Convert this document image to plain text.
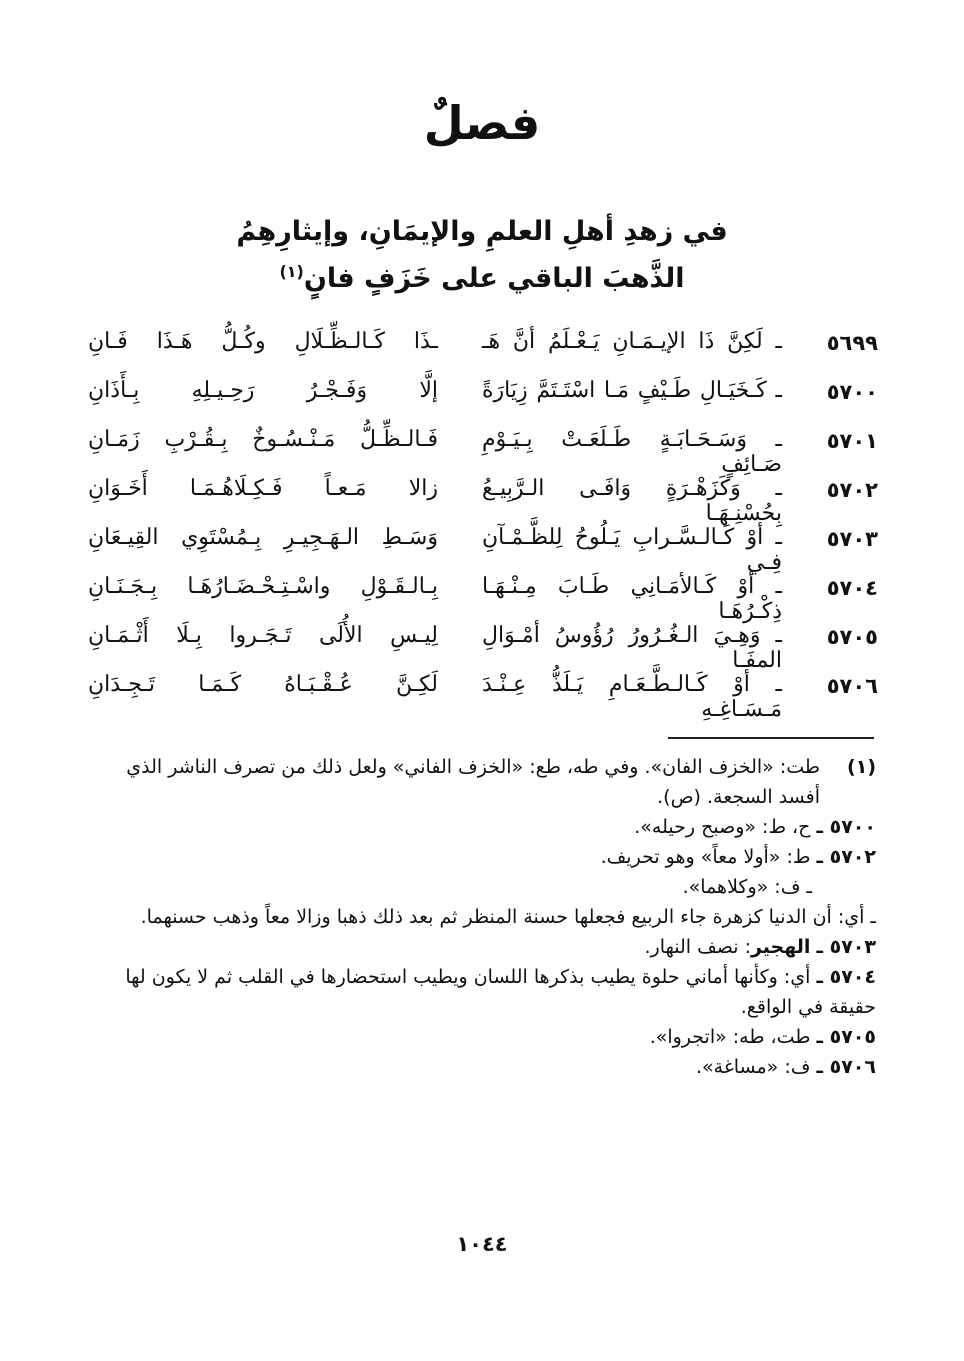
فصلٌ
في زهدِ أهلِ العلمِ والإيمَانِ، وإيثارِهِمُ
الذَّهبَ الباقي على خَزَفٍ فانٍ$^{(١)}$
٥٦٩٩
ـ لَكِنَّ ذَا الإيـمَـانِ يَـعْـلَمُ أنَّ هَـ
ـذَا كَـالـظِّـلَالِ وكُـلُّ هَـذَا فَـانِ
٥٧٠٠
ـ كَـخَيَـالِ طَـيْفٍ مَـا اسْتَـتَمَّ زِيَارَةً
إلَّا وَفَـجْـرُ رَحِـيـلِهِ بِـأَذَانِ
٥٧٠١
ـ وَسَـحَـابَـةٍ طَـلَعَـتْ بِـيَـوْمِ صَـائِفٍ
فَـالـظِّـلُّ مَـنْـسُـوخٌ بِـقُـرْبِ زَمَـانِ
٥٧٠٢
ـ وَكَزَهْـرَةٍ وَافَـى الـرَّبِيـعُ بِحُسْنِـهَـا
زالا مَـعـاً فَـكِـلَاهُـمَـا أَخَـوَانِ
٥٧٠٣
ـ أوْ كَـالـسَّـرابِ يَـلُوحُ لِلظَّـمْـآنِ فِـي
وَسَـطِ الـهَـجِيـرِ بِـمُسْتَوِي القِيـعَانِ
٥٧٠٤
ـ أوْ كَـالأمَـانِي طَـابَ مِـنْـهَـا ذِكْـرُهَـا
بِـالـقَـوْلِ واسْـتِـحْـضَـارُهَـا بِـجَـنَـانِ
٥٧٠٥
ـ وَهِـيَ الـغُـرُورُ رُؤُوسُ أمْـوَالِ المفَـا
لِيـسِ الأُلَى تَـجَـروا بِـلَا أَثْـمَـانِ
٥٧٠٦
ـ أوْ كَـالـطَّـعَـامِ يَـلَذُّ عِـنْـدَ مَـسَـاغِـهِ
لَكِـنَّ عُـقْـبَـاهُ كَـمَـا تَـجِـدَانِ
(١)
طت: «الخزف الفان». وفي طه، طع: «الخزف الفاني» ولعل ذلك من تصرف الناشر الذي أفسد السجعة. (ص).
٥٧٠٠ ـ ح، ط: «وصبح رحيله».
٥٧٠٢ ـ ط: «أولا معاً» وهو تحريف.
ـ ف: «وكلاهما».
ـ أي: أن الدنيا كزهرة جاء الربيع فجعلها حسنة المنظر ثم بعد ذلك ذهبا وزالا معاً وذهب حسنهما.
٥٧٠٣ ـ الهجير: نصف النهار.
٥٧٠٤ ـ أي: وكأنها أماني حلوة يطيب بذكرها اللسان ويطيب استحضارها في القلب ثم لا يكون لها حقيقة في الواقع.
٥٧٠٥ ـ طت، طه: «اتجروا».
٥٧٠٦ ـ ف: «مساغة».
١٠٤٤
